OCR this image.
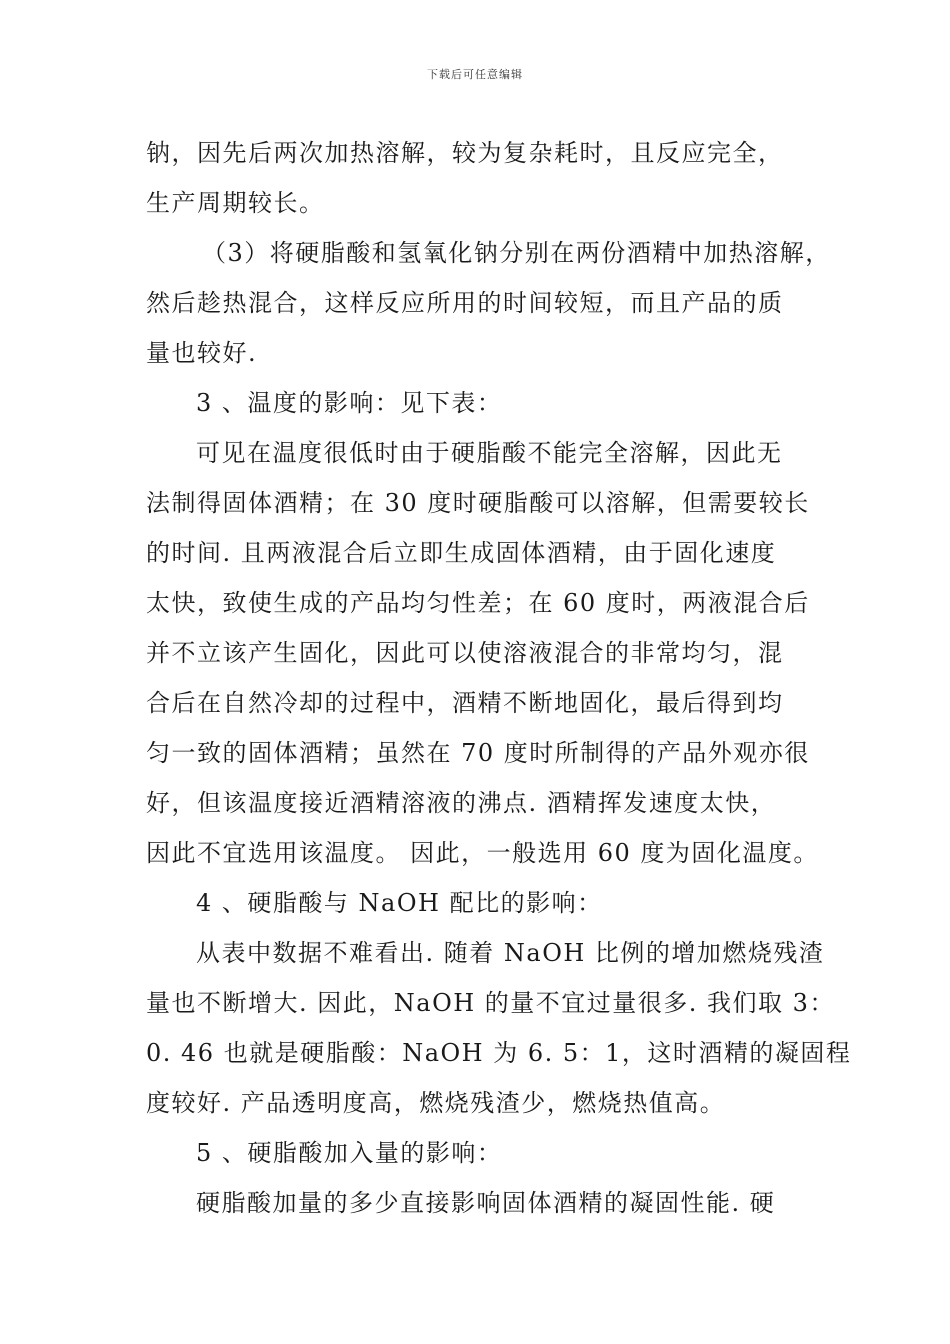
下载后可任意编辑
钠，因先后两次加热溶解，较为复杂耗时，且反应完全，
生产周期较长。
（3）将硬脂酸和氢氧化钠分别在两份酒精中加热溶解，
然后趁热混合，这样反应所用的时间较短，而且产品的质
量也较好.
3 、温度的影响：见下表：
可见在温度很低时由于硬脂酸不能完全溶解，因此无
法制得固体酒精；在 30 度时硬脂酸可以溶解，但需要较长
的时间. 且两液混合后立即生成固体酒精，由于固化速度
太快，致使生成的产品均匀性差；在 60 度时，两液混合后
并不立该产生固化，因此可以使溶液混合的非常均匀，混
合后在自然冷却的过程中，酒精不断地固化，最后得到均
匀一致的固体酒精；虽然在 70 度时所制得的产品外观亦很
好，但该温度接近酒精溶液的沸点. 酒精挥发速度太快，
因此不宜选用该温度。 因此，一般选用 60 度为固化温度。
4 、硬脂酸与 NaOH 配比的影响：
从表中数据不难看出. 随着 NaOH 比例的增加燃烧残渣
量也不断增大. 因此，NaOH 的量不宜过量很多. 我们取 3：
0. 46 也就是硬脂酸：NaOH 为 6. 5：1，这时酒精的凝固程
度较好. 产品透明度高，燃烧残渣少，燃烧热值高。
5 、硬脂酸加入量的影响：
硬脂酸加量的多少直接影响固体酒精的凝固性能. 硬
